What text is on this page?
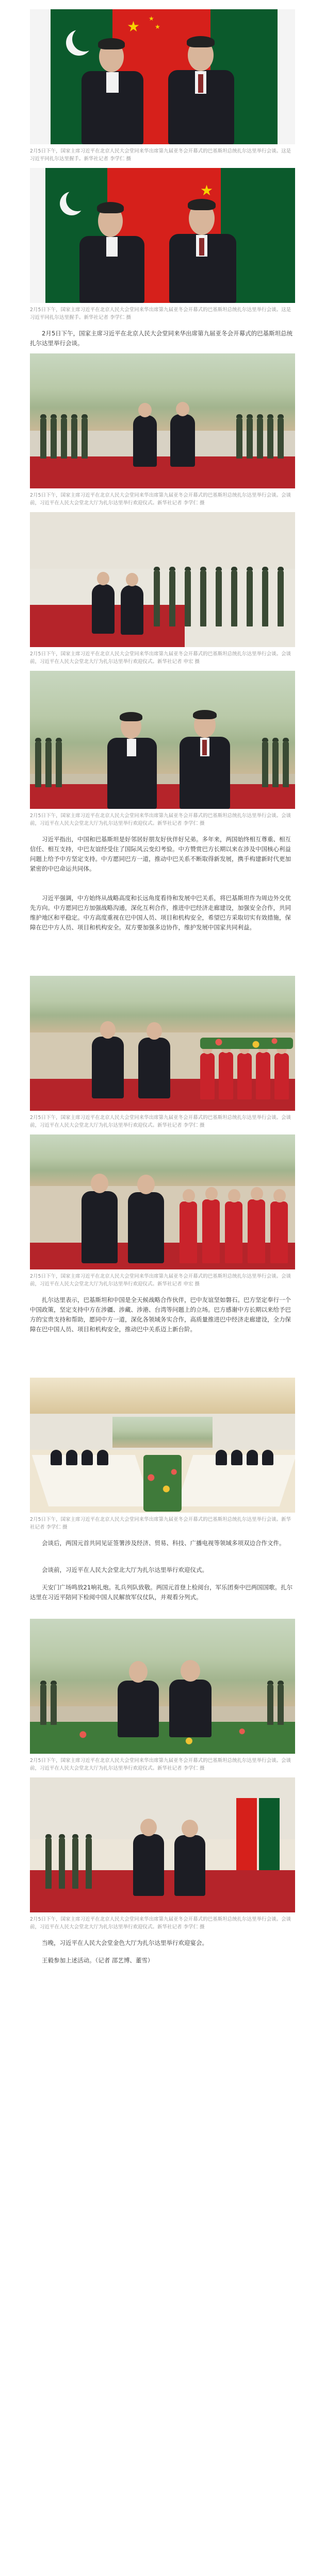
★ ★
★

2月5日下午，国家主席习近平在北京人民大会堂同来华出席第九届亚冬会开幕式的巴基斯坦总统扎尔达里举行会谈。这是习近平同扎尔达里握手。新华社记者 李学仁 摄

★

2月5日下午，国家主席习近平在北京人民大会堂同来华出席第九届亚冬会开幕式的巴基斯坦总统扎尔达里举行会谈。这是习近平同扎尔达里握手。新华社记者 李学仁 摄

2月5日下午，国家主席习近平在北京人民大会堂同来华出席第九届亚冬会开幕式的巴基斯坦总统扎尔达里举行会谈。

2月5日下午，国家主席习近平在北京人民大会堂同来华出席第九届亚冬会开幕式的巴基斯坦总统扎尔达里举行会谈。会谈前，习近平在人民大会堂北大厅为扎尔达里举行欢迎仪式。新华社记者 李学仁 摄

2月5日下午，国家主席习近平在北京人民大会堂同来华出席第九届亚冬会开幕式的巴基斯坦总统扎尔达里举行会谈。会谈前，习近平在人民大会堂北大厅为扎尔达里举行欢迎仪式。新华社记者 申宏 摄

2月5日下午，国家主席习近平在北京人民大会堂同来华出席第九届亚冬会开幕式的巴基斯坦总统扎尔达里举行会谈。会谈前，习近平在人民大会堂北大厅为扎尔达里举行欢迎仪式。新华社记者 李学仁 摄

习近平指出，中国和巴基斯坦是好邻居好朋友好伙伴好兄弟。多年来，两国始终相互尊重、相互信任、相互支持，中巴友谊经受住了国际风云变幻考验。中方赞赏巴方长期以来在涉及中国核心利益问题上给予中方坚定支持。中方愿同巴方一道，推动中巴关系不断取得新发展，携手构建新时代更加紧密的中巴命运共同体。

习近平强调，中方始终从战略高度和长远角度看待和发展中巴关系，将巴基斯坦作为周边外交优先方向。中方愿同巴方加强战略沟通，深化互利合作，推进中巴经济走廊建设，加强安全合作，共同维护地区和平稳定。中方高度重视在巴中国人员、项目和机构安全，希望巴方采取切实有效措施，保障在巴中方人员、项目和机构安全。双方要加强多边协作，维护发展中国家共同利益。

2月5日下午，国家主席习近平在北京人民大会堂同来华出席第九届亚冬会开幕式的巴基斯坦总统扎尔达里举行会谈。会谈前，习近平在人民大会堂北大厅为扎尔达里举行欢迎仪式。新华社记者 李学仁 摄

2月5日下午，国家主席习近平在北京人民大会堂同来华出席第九届亚冬会开幕式的巴基斯坦总统扎尔达里举行会谈。会谈前，习近平在人民大会堂北大厅为扎尔达里举行欢迎仪式。新华社记者 申宏 摄

扎尔达里表示，巴基斯坦和中国是全天候战略合作伙伴，巴中友谊坚如磐石。巴方坚定奉行一个中国政策，坚定支持中方在涉疆、涉藏、涉港、台湾等问题上的立场。巴方感谢中方长期以来给予巴方的宝贵支持和帮助，愿同中方一道，深化各领域务实合作，高质量推进巴中经济走廊建设，全力保障在巴中国人员、项目和机构安全，推动巴中关系迈上新台阶。

2月5日下午，国家主席习近平在北京人民大会堂同来华出席第九届亚冬会开幕式的巴基斯坦总统扎尔达里举行会谈。新华社记者 李学仁 摄

会谈后，两国元首共同见证签署涉及经济、贸易、科技、广播电视等领域多项双边合作文件。

会谈前，习近平在人民大会堂北大厅为扎尔达里举行欢迎仪式。

天安门广场鸣放21响礼炮。礼兵列队致敬。两国元首登上检阅台，军乐团奏中巴两国国歌。扎尔达里在习近平陪同下检阅中国人民解放军仪仗队，并观看分列式。

2月5日下午，国家主席习近平在北京人民大会堂同来华出席第九届亚冬会开幕式的巴基斯坦总统扎尔达里举行会谈。会谈前，习近平在人民大会堂北大厅为扎尔达里举行欢迎仪式。新华社记者 李学仁 摄

2月5日下午，国家主席习近平在北京人民大会堂同来华出席第九届亚冬会开幕式的巴基斯坦总统扎尔达里举行会谈。会谈前，习近平在人民大会堂北大厅为扎尔达里举行欢迎仪式。新华社记者 李学仁 摄

当晚，习近平在人民大会堂金色大厅为扎尔达里举行欢迎宴会。

王毅参加上述活动。（记者 邵艺博、董雪）
